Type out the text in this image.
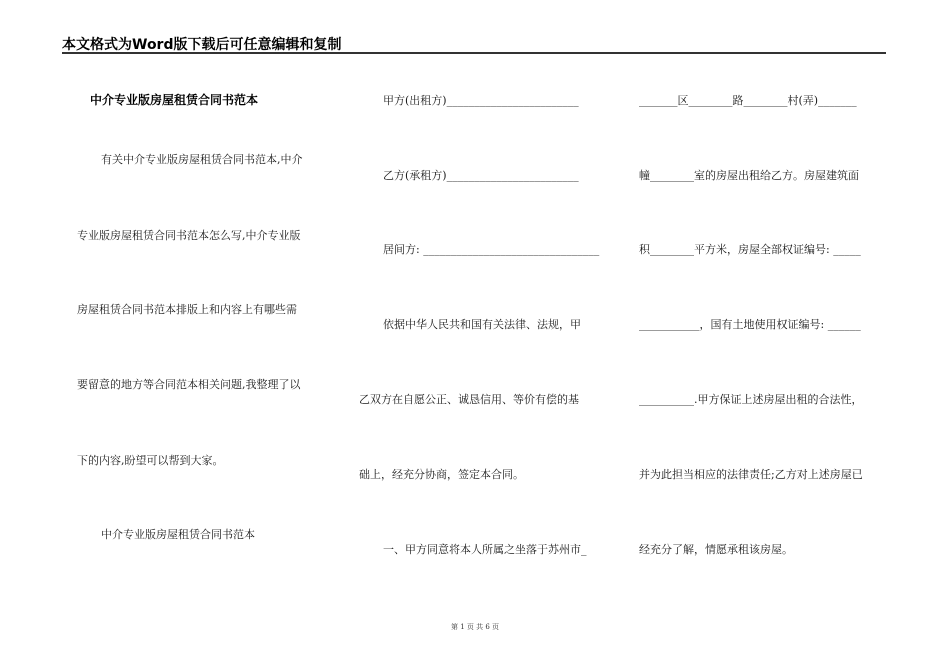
本文格式为Word版下载后可任意编辑和复制
中介专业版房屋租赁合同书范本
有关中介专业版房屋租赁合同书范本,中介
专业版房屋租赁合同书范本怎么写,中介专业版
房屋租赁合同书范本排版上和内容上有哪些需
要留意的地方等合同范本相关问题,我整理了以
下的内容,盼望可以帮到大家。
中介专业版房屋租赁合同书范本
甲方(出租方)________________________
乙方(承租方)________________________
居间方: ________________________________
依据中华人民共和国有关法律、法规，甲
乙双方在自愿公正、诚恳信用、等价有偿的基
础上，经充分协商，签定本合同。
一、甲方同意将本人所属之坐落于苏州市_
_______区________路________村(弄)_______
幢________室的房屋出租给乙方。房屋建筑面
积________平方米，房屋全部权证编号: _____
___________，国有土地使用权证编号: ______
__________.甲方保证上述房屋出租的合法性，
并为此担当相应的法律责任;乙方对上述房屋已
经充分了解，情愿承租该房屋。
第 1 页 共 6 页
